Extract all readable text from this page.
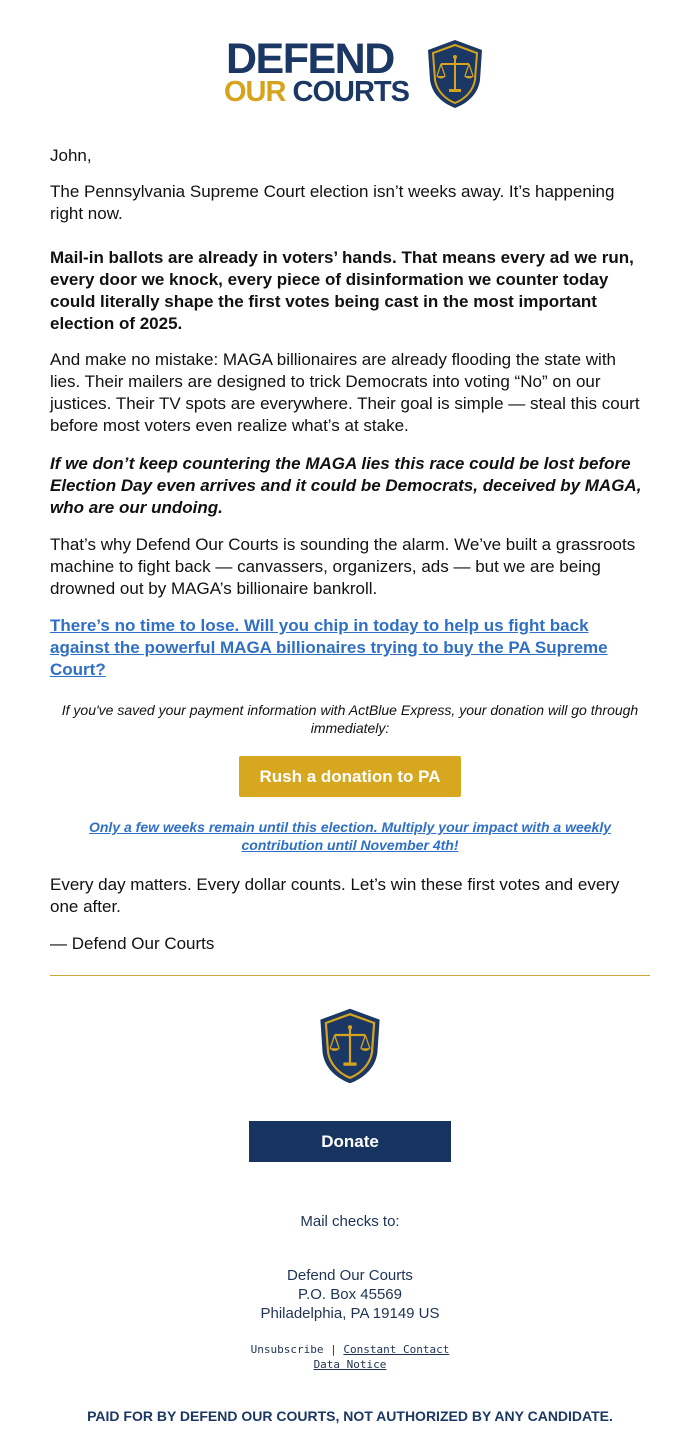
DEFEND
OUR COURTS

John,

The Pennsylvania Supreme Court election isn’t weeks away. It’s happening right now.

Mail-in ballots are already in voters’ hands. That means every ad we run, every door we knock, every piece of disinformation we counter today could literally shape the first votes being cast in the most important election of 2025.

And make no mistake: MAGA billionaires are already flooding the state with lies. Their mailers are designed to trick Democrats into voting “No” on our justices. Their TV spots are everywhere. Their goal is simple — steal this court before most voters even realize what’s at stake.

If we don’t keep countering the MAGA lies this race could be lost before Election Day even arrives and it could be Democrats, deceived by MAGA, who are our undoing.

That’s why Defend Our Courts is sounding the alarm. We’ve built a grassroots machine to fight back — canvassers, organizers, ads — but we are being drowned out by MAGA’s billionaire bankroll.

There’s no time to lose. Will you chip in today to help us fight back against the powerful MAGA billionaires trying to buy the PA Supreme Court?

If you've saved your payment information with ActBlue Express, your donation will go through immediately:
Rush a donation to PA
Only a few weeks remain until this election. Multiply your impact with a weekly contribution until November 4th!

Every day matters. Every dollar counts. Let’s win these first votes and every one after.

— Defend Our Courts

Donate
Mail checks to:
Defend Our Courts
P.O. Box 45569
Philadelphia, PA 19149 US
Unsubscribe | Constant Contact
Data Notice
PAID FOR BY DEFEND OUR COURTS, NOT AUTHORIZED BY ANY CANDIDATE.
